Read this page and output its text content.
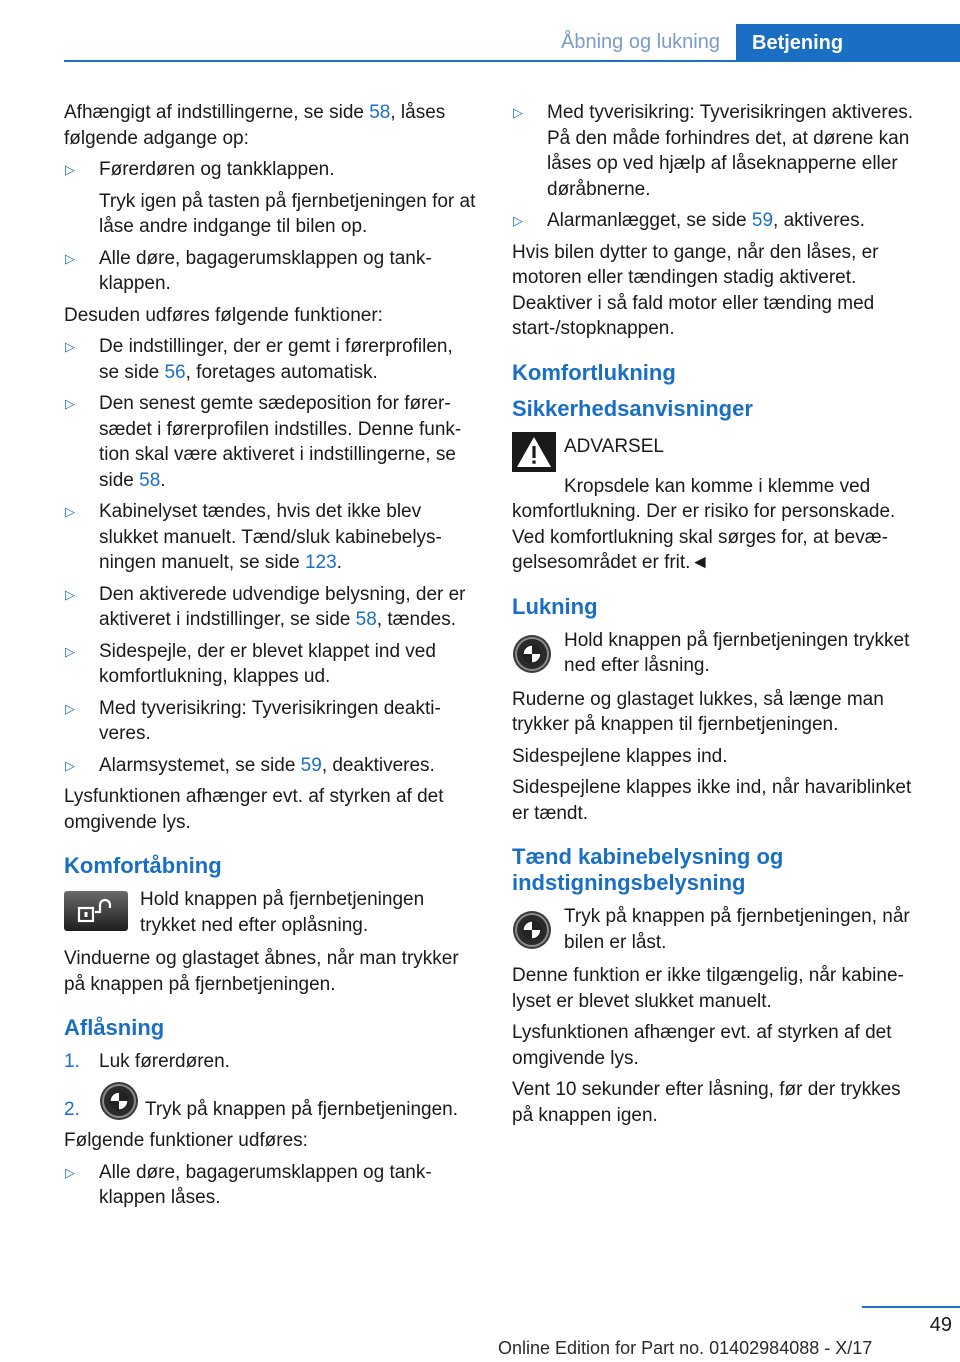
Åbning og lukning	Betjening

Afhængigt af indstillingerne, se side 58, låses følgende adgange op:

▷	Førerdøren og tankklappen.

Tryk igen på tasten på fjernbetjeningen for at låse andre indgange til bilen op.

▷	Alle døre, bagagerumsklappen og tankklappen.

Desuden udføres følgende funktioner:

▷	De indstillinger, der er gemt i førerprofilen, se side 56, foretages automatisk.
▷	Den senest gemte sædeposition for førersædet i førerprofilen indstilles. Denne funktion skal være aktiveret i indstillingerne, se side 58.
▷	Kabinelyset tændes, hvis det ikke blev slukket manuelt. Tænd/sluk kabinebelysningen manuelt, se side 123.
▷	Den aktiverede udvendige belysning, der er aktiveret i indstillinger, se side 58, tændes.
▷	Sidespejle, der er blevet klappet ind ved komfortlukning, klappes ud.
▷	Med tyverisikring: Tyverisikringen deaktiveres.
▷	Alarmsystemet, se side 59, deaktiveres.

Lysfunktionen afhænger evt. af styrken af det omgivende lys.

Komfortåbning
Hold knappen på fjernbetjeningen trykket ned efter oplåsning.

Vinduerne og glastaget åbnes, når man trykker på knappen på fjernbetjeningen.

Aflåsning
1.	Luk førerdøren.
2.	Tryk på knappen på fjernbetjeningen.

Følgende funktioner udføres:

▷	Alle døre, bagagerumsklappen og tankklappen låses.
▷	Med tyverisikring: Tyverisikringen aktiveres. På den måde forhindres det, at dørene kan låses op ved hjælp af låseknapperne eller døråbnerne.
▷	Alarmanlægget, se side 59, aktiveres.

Hvis bilen dytter to gange, når den låses, er motoren eller tændingen stadig aktiveret. Deaktiver i så fald motor eller tænding med start-/stopknappen.

Komfortlukning
Sikkerhedsanvisninger
ADVARSEL

Kropsdele kan komme i klemme ved komfortlukning. Der er risiko for personskade. Ved komfortlukning skal sørges for, at bevægelsesområdet er frit.◄

Lukning
Hold knappen på fjernbetjeningen trykket ned efter låsning.

Ruderne og glastaget lukkes, så længe man trykker på knappen til fjernbetjeningen.

Sidespejlene klappes ind.

Sidespejlene klappes ikke ind, når havariblinket er tændt.

Tænd kabinebelysning og indstigningsbelysning
Tryk på knappen på fjernbetjeningen, når bilen er låst.

Denne funktion er ikke tilgængelig, når kabinelyset er blevet slukket manuelt.

Lysfunktionen afhænger evt. af styrken af det omgivende lys.

Vent 10 sekunder efter låsning, før der trykkes på knappen igen.

49
Online Edition for Part no. 01402984088 - X/17
